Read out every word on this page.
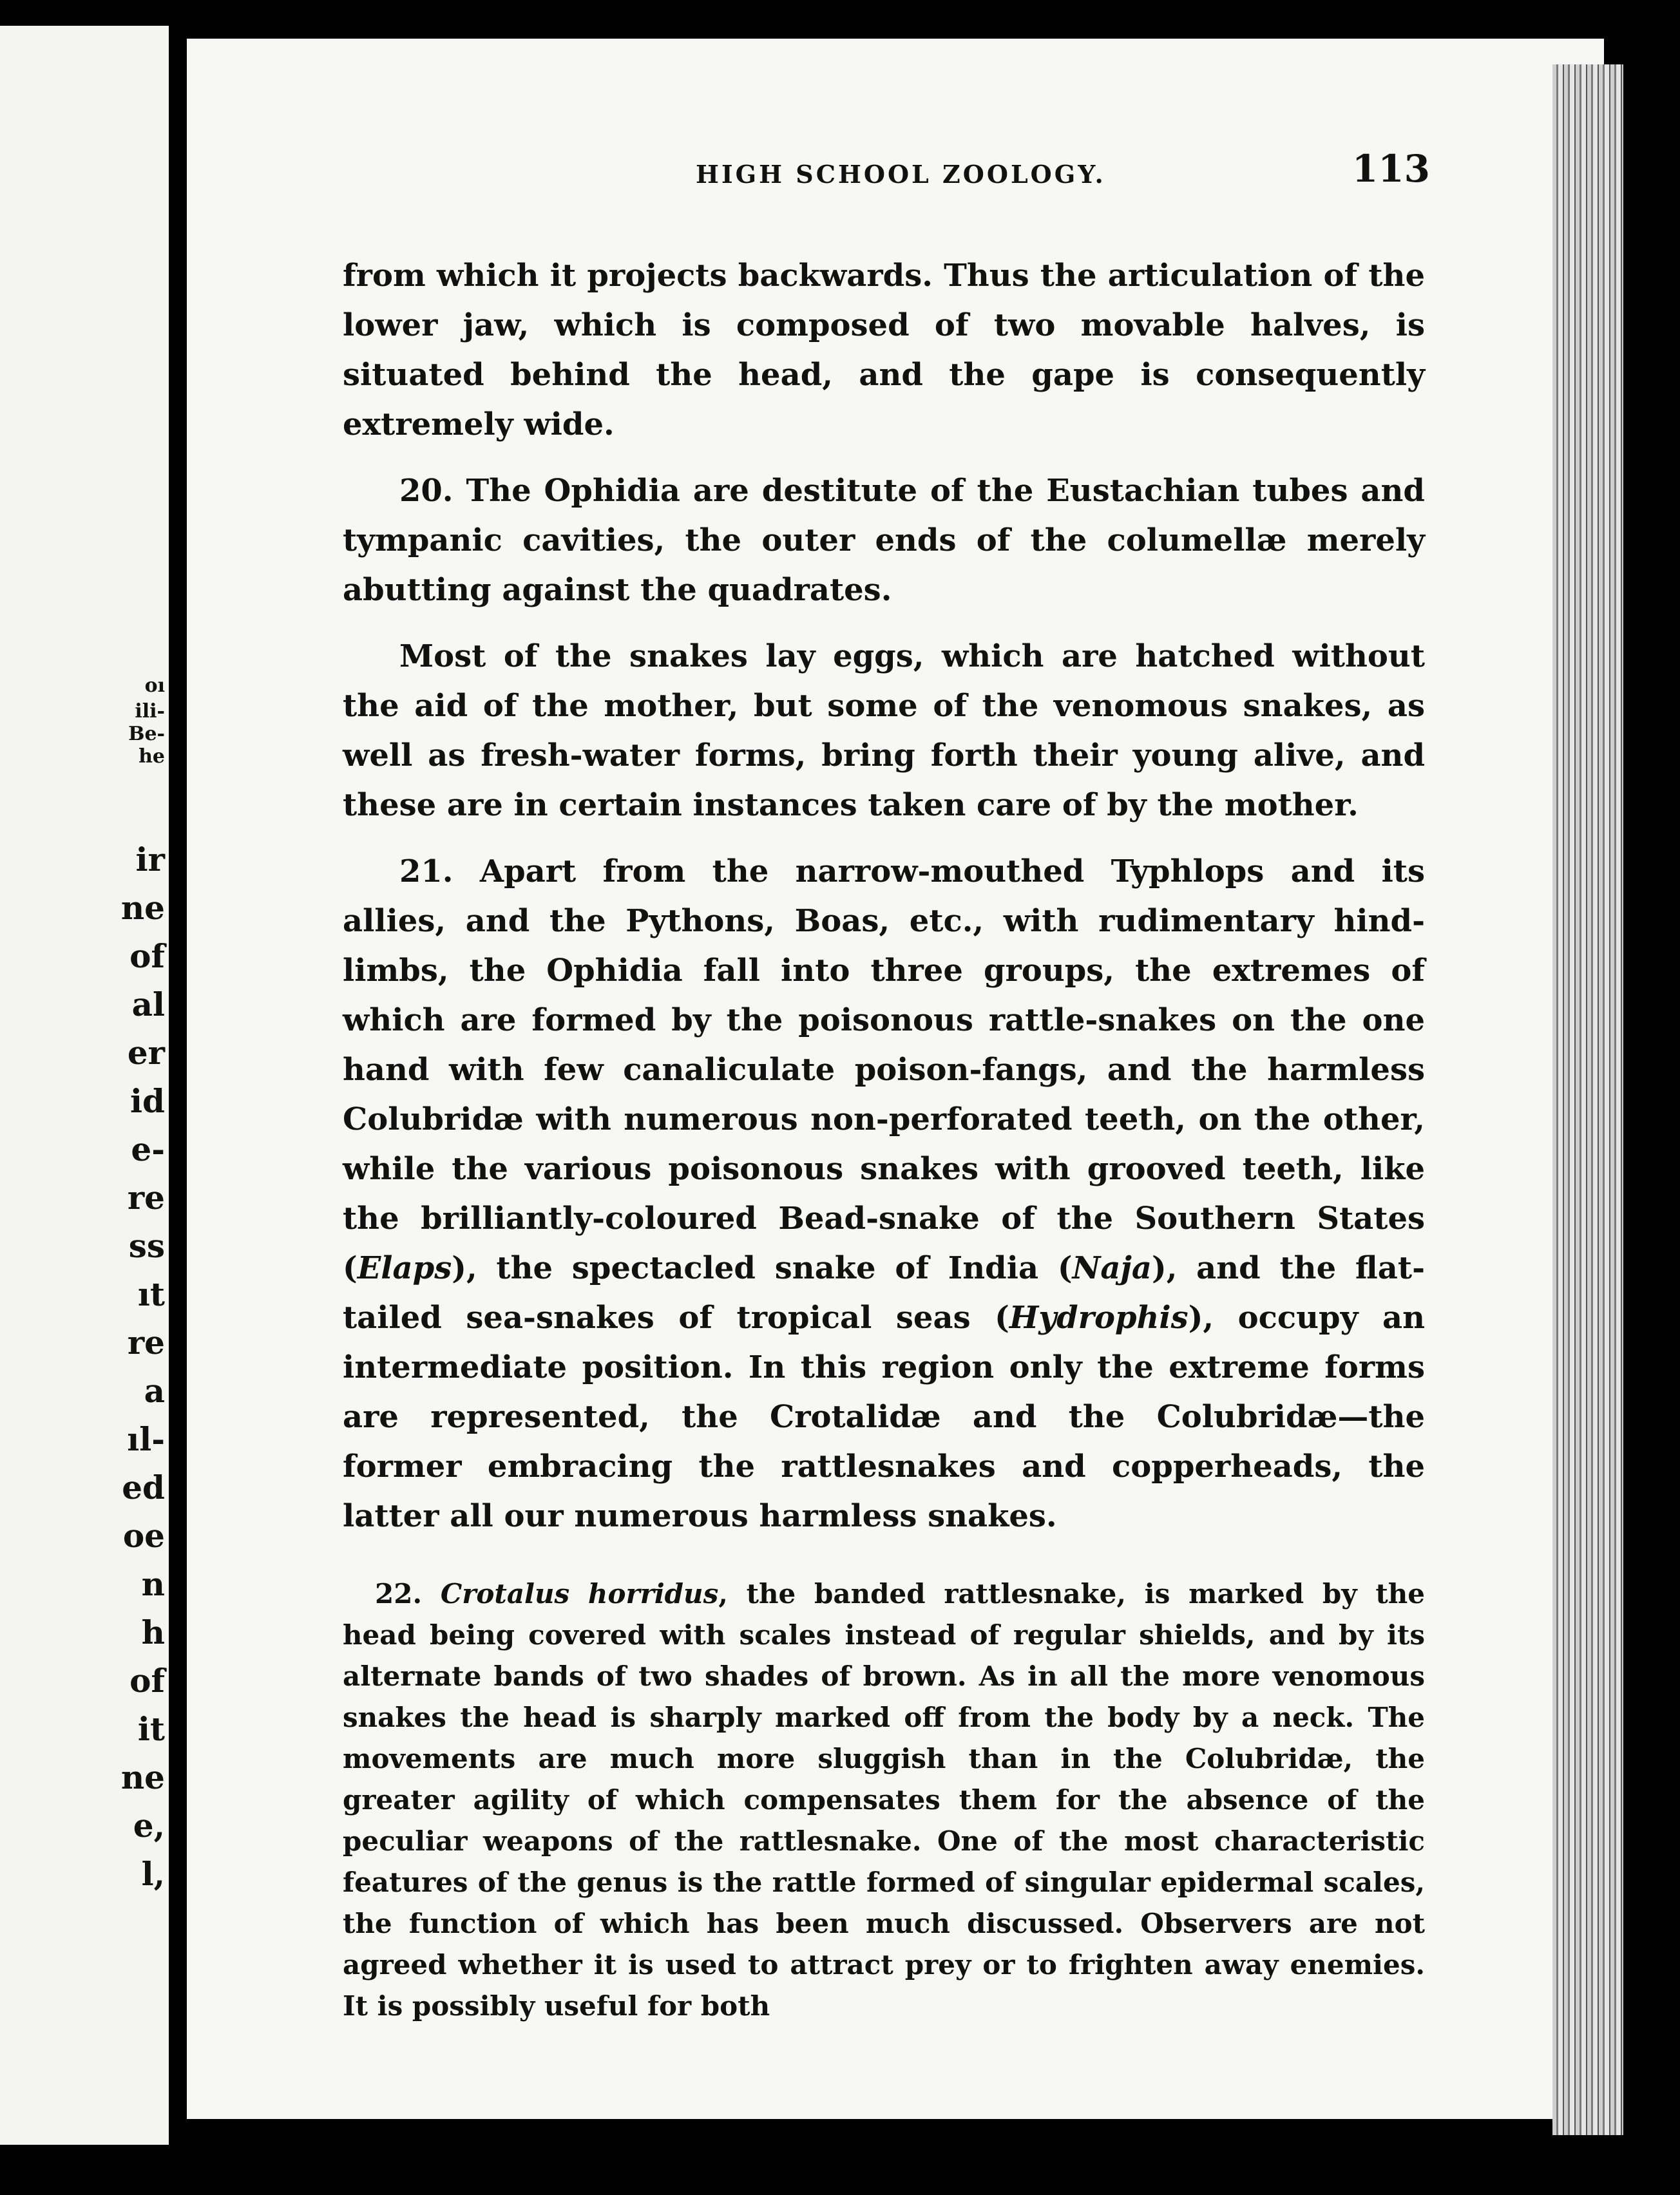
oı
ili-
Be-
he
ir
ne
of
al
er
id
e-
re
ss
ıt
re
a
ıl-
ed
oe
n
h
of
it
ne
e,
l,
HIGH SCHOOL ZOOLOGY.	113

from which it projects backwards. Thus the articulation of the lower jaw, which is composed of two movable halves, is situated behind the head, and the gape is consequently extremely wide.

20. The Ophidia are destitute of the Eustachian tubes and tympanic cavities, the outer ends of the columellæ merely abutting against the quadrates.

Most of the snakes lay eggs, which are hatched without the aid of the mother, but some of the venomous snakes, as well as fresh-water forms, bring forth their young alive, and these are in certain instances taken care of by the mother.

21. Apart from the narrow-mouthed Typhlops and its allies, and the Pythons, Boas, etc., with rudimentary hind-limbs, the Ophidia fall into three groups, the extremes of which are formed by the poisonous rattle-snakes on the one hand with few canaliculate poison-fangs, and the harmless Colubridæ with numerous non-perforated teeth, on the other, while the various poisonous snakes with grooved teeth, like the brilliantly-coloured Bead-snake of the Southern States (Elaps), the spectacled snake of India (Naja), and the flat-tailed sea-snakes of tropical seas (Hydrophis), occupy an intermediate position. In this region only the extreme forms are represented, the Crotalidæ and the Colubridæ—the former embracing the rattlesnakes and copperheads, the latter all our numerous harmless snakes.

22. Crotalus horridus, the banded rattlesnake, is marked by the head being covered with scales instead of regular shields, and by its alternate bands of two shades of brown. As in all the more venomous snakes the head is sharply marked off from the body by a neck. The movements are much more sluggish than in the Colubridæ, the greater agility of which compensates them for the absence of the peculiar weapons of the rattlesnake. One of the most characteristic features of the genus is the rattle formed of singular epidermal scales, the function of which has been much discussed. Observers are not agreed whether it is used to attract prey or to frighten away enemies. It is possibly useful for both
